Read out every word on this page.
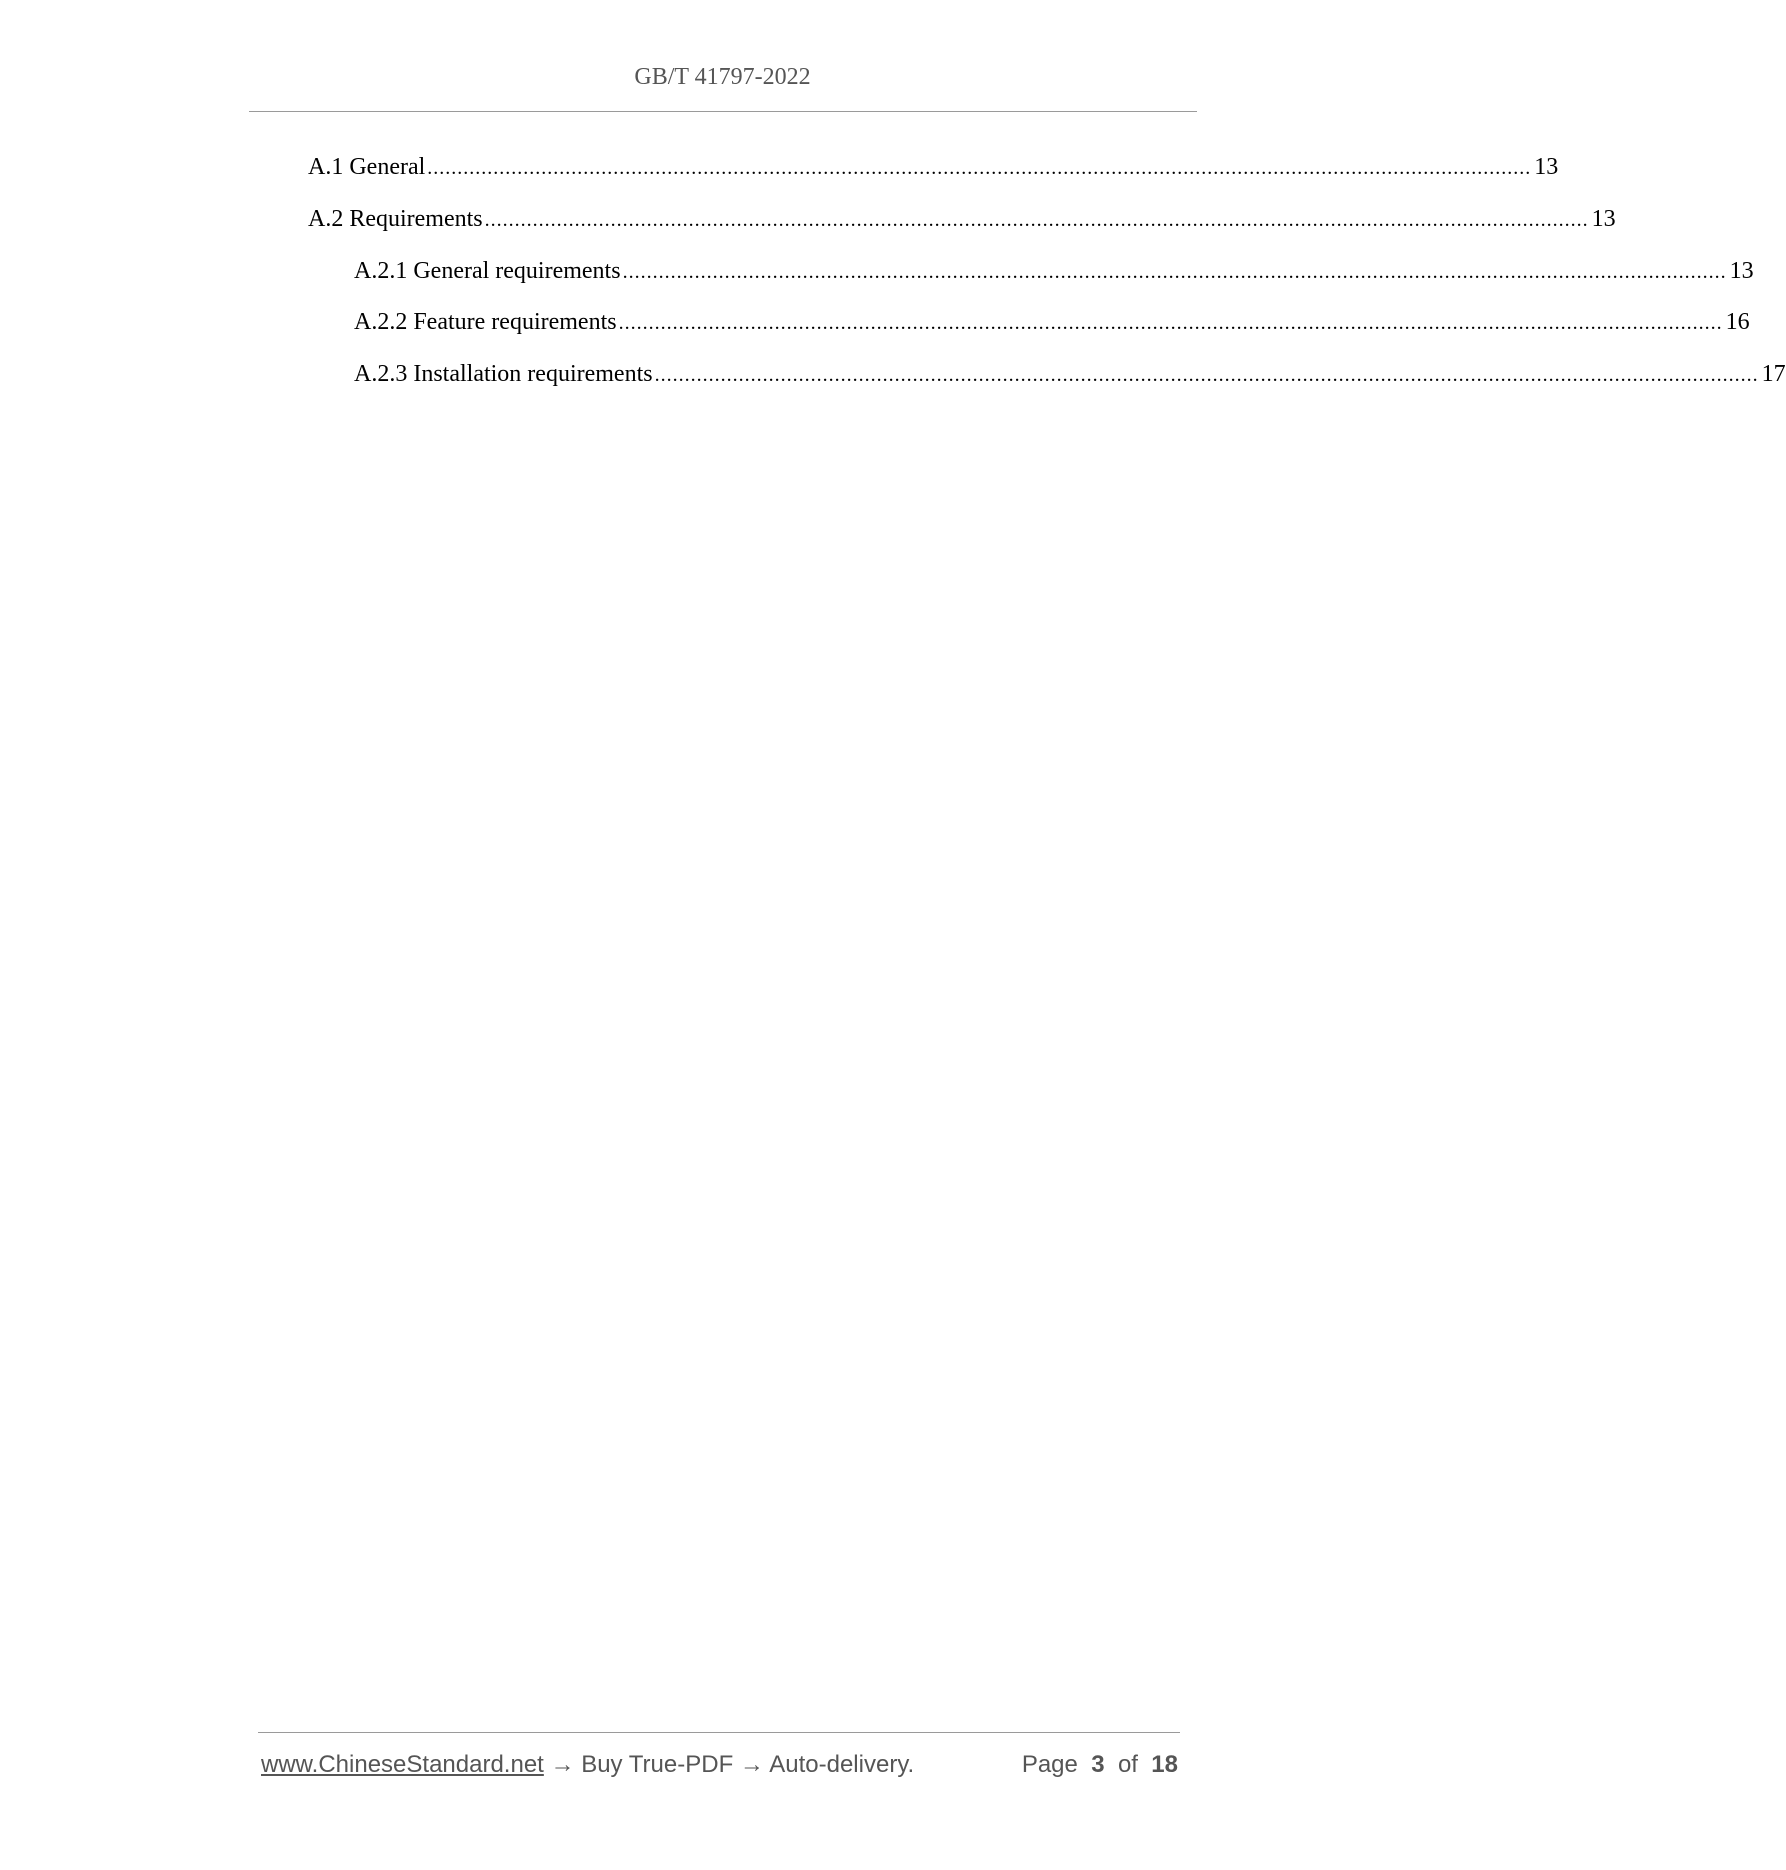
GB/T 41797-2022
A.1 General ........................................................................................................................................................................................ 13
A.2 Requirements ........................................................................................................................................................................................ 13
A.2.1 General requirements ........................................................................................................................................................................................ 13
A.2.2 Feature requirements ........................................................................................................................................................................................ 16
A.2.3 Installation requirements ........................................................................................................................................................................................ 17
www.ChineseStandard.net → Buy True-PDF → Auto-delivery.	Page 3 of 18
